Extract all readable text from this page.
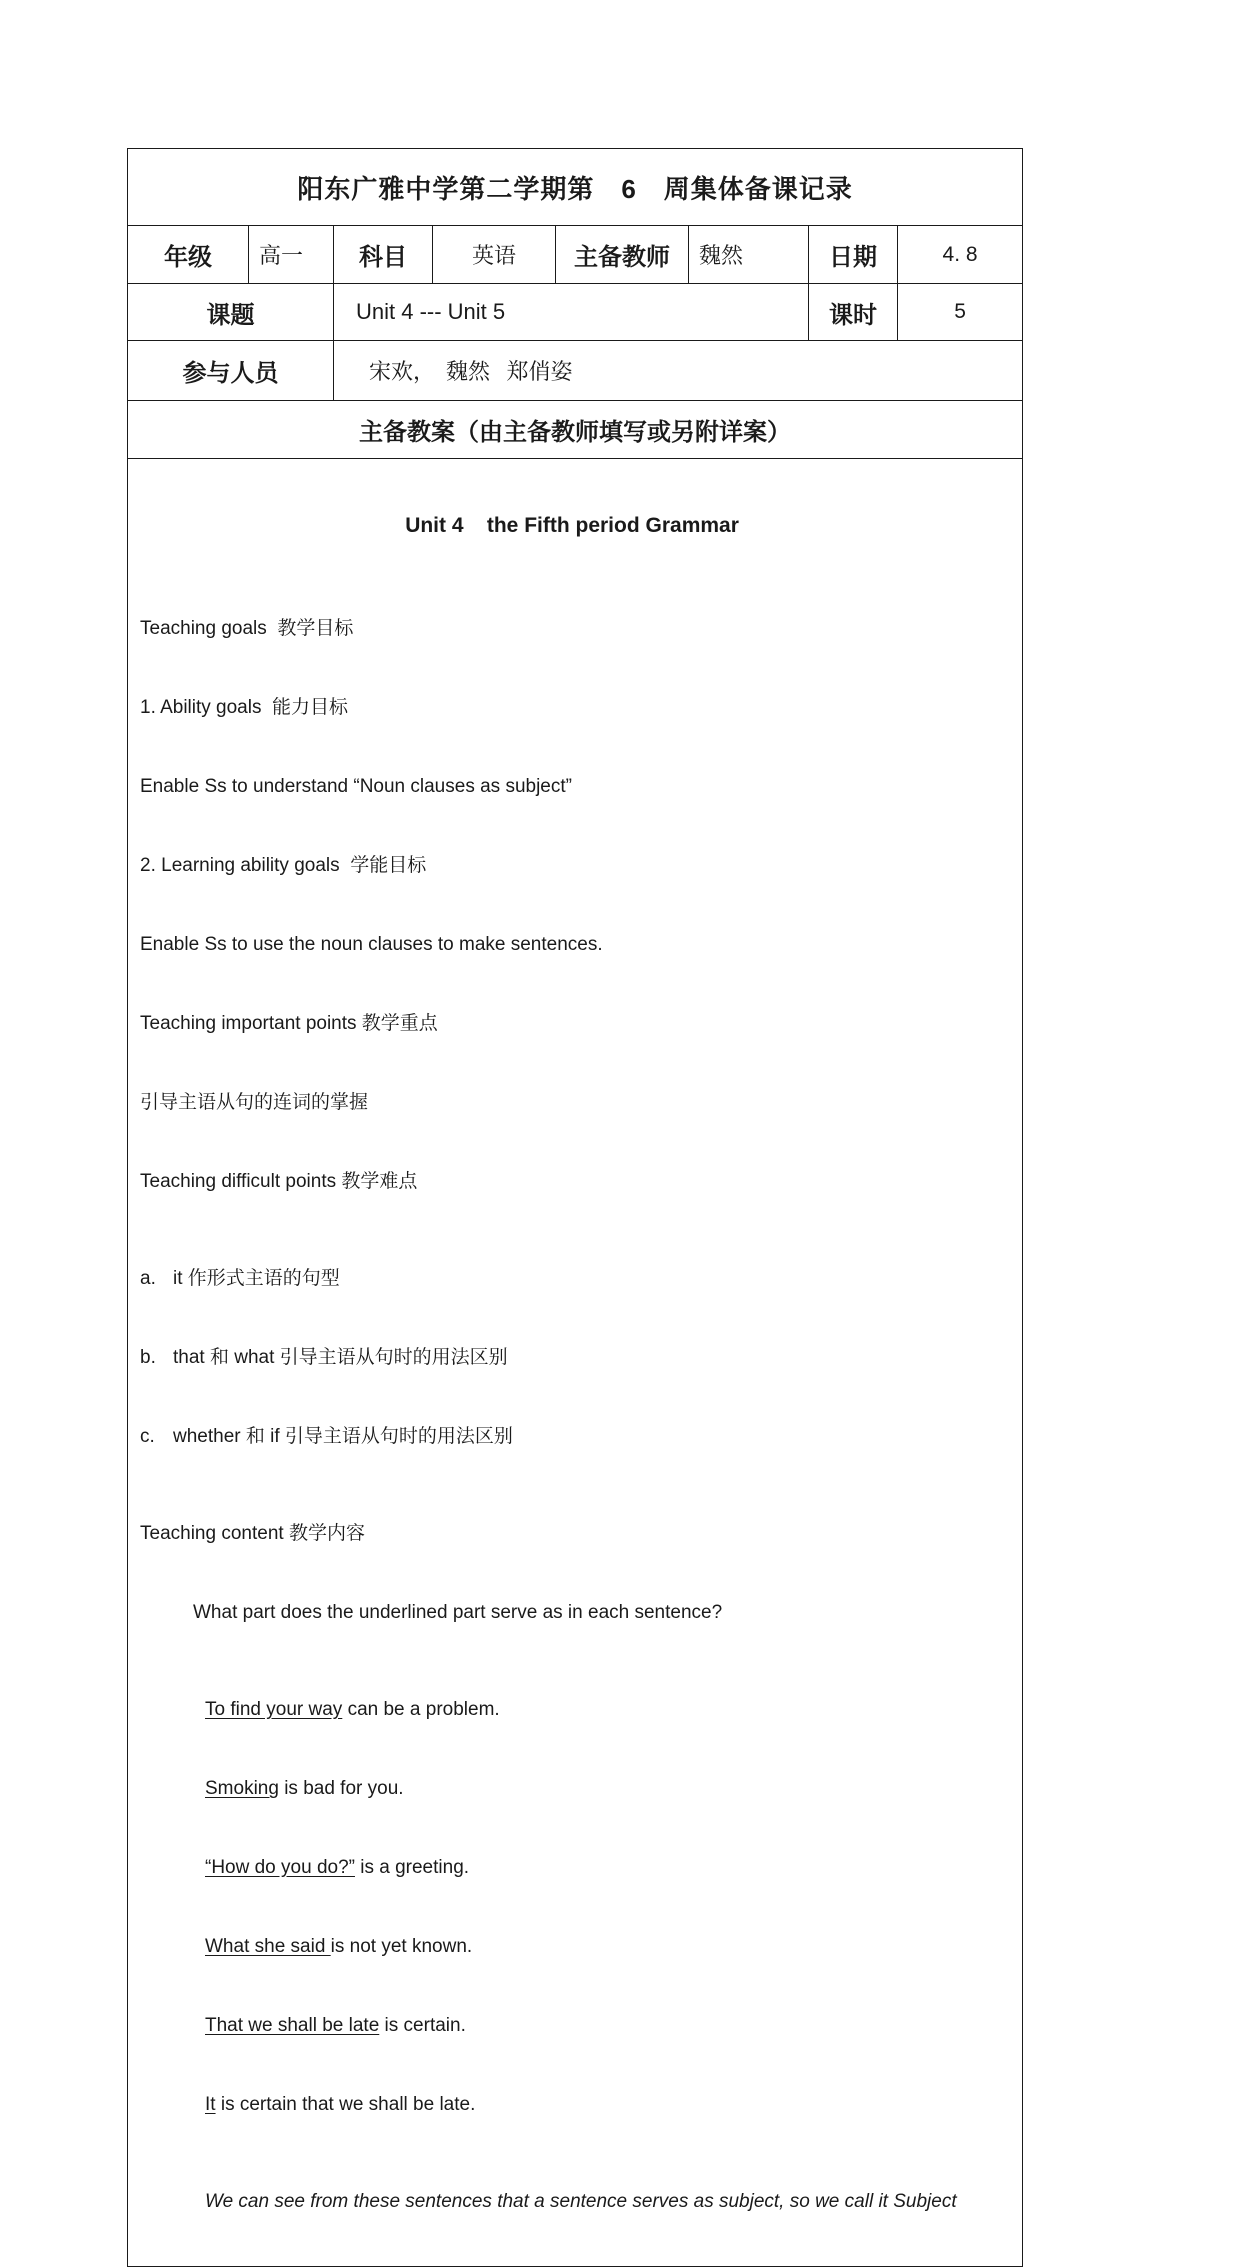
阳东广雅中学第二学期第　6　周集体备课记录							
年级	高一	科目	英语	主备教师	魏然	日期	4. 8
课题		Unit 4 --- Unit 5				课时	5
参与人员		宋欢，  魏然   郑俏姿					
主备教案（由主备教师填写或另附详案）							

Unit 4    the Fifth period Grammar

Teaching goals  教学目标

1. Ability goals  能力目标

Enable Ss to understand “Noun clauses as subject”

2. Learning ability goals  学能目标

Enable Ss to use the noun clauses to make sentences.

Teaching important points 教学重点

引导主语从句的连词的掌握

Teaching difficult points 教学难点

a. it 作形式主语的句型

b. that 和 what 引导主语从句时的用法区别

c. whether 和 if 引导主语从句时的用法区别

Teaching content 教学内容

What part does the underlined part serve as in each sentence?

To find your way can be a problem.

Smoking is bad for you.

“How do you do?” is a greeting.

What she said is not yet known.

That we shall be late is certain.

It is certain that we shall be late.

We can see from these sentences that a sentence serves as subject, so we call it Subject
